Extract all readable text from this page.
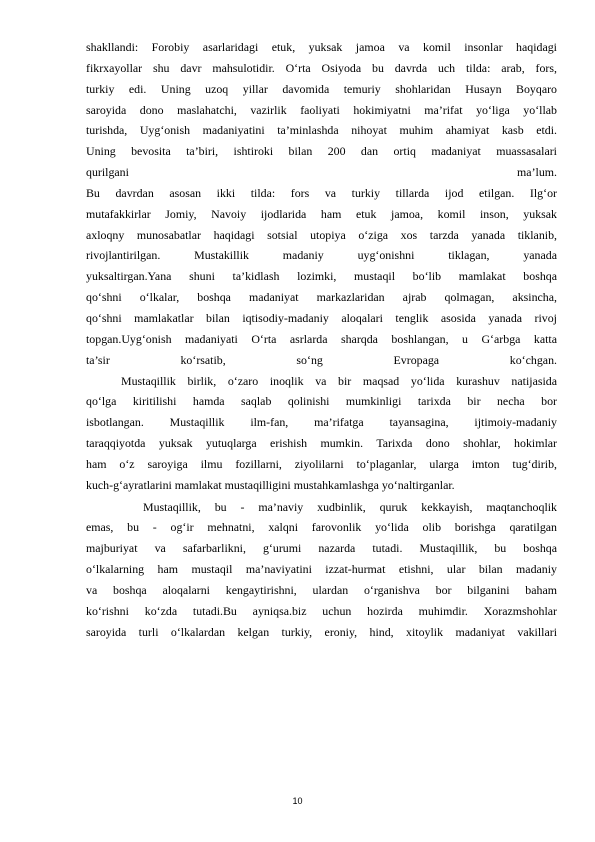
shakllandi: Forobiy asarlaridagi etuk, yuksak jamoa va komil insonlar haqidagi
fikrxayollar shu davr mahsulotidir. O‘rta Osiyoda bu davrda uch tilda: arab, fors,
turkiy edi. Uning uzoq yillar davomida temuriy shohlaridan Husayn Boyqaro
saroyida dono maslahatchi, vazirlik faoliyati hokimiyatni ma’rifat yo‘liga yo‘llab
turishda, Uyg‘onish madaniyatini ta’minlashda nihoyat muhim ahamiyat kasb etdi.
Uning bevosita ta’biri, ishtiroki bilan 200 dan ortiq madaniyat muassasalari
qurilgani ma’lum.
Bu davrdan asosan ikki tilda: fors va turkiy tillarda ijod etilgan. Ilg‘or
mutafakkirlar Jomiy, Navoiy ijodlarida ham etuk jamoa, komil inson, yuksak
axloqny munosabatlar haqidagi sotsial utopiya o‘ziga xos tarzda yanada tiklanib,
rivojlantirilgan. Mustakillik madaniy uyg‘onishni tiklagan, yanada
yuksaltirgan.Yana shuni ta’kidlash lozimki, mustaqil bo‘lib mamlakat boshqa
qo‘shni o‘lkalar, boshqa madaniyat markazlaridan ajrab qolmagan, aksincha,
qo‘shni mamlakatlar bilan iqtisodiy-madaniy aloqalari tenglik asosida yanada rivoj
topgan.Uyg‘onish madaniyati O‘rta asrlarda sharqda boshlangan, u G‘arbga katta
ta’sir ko‘rsatib, so‘ng Evropaga ko‘chgan.
Mustaqillik birlik, o‘zaro inoqlik va bir maqsad yo‘lida kurashuv natijasida
qo‘lga kiritilishi hamda saqlab qolinishi mumkinligi tarixda bir necha bor
isbotlangan. Mustaqillik ilm-fan, ma’rifatga tayansagina, ijtimoiy-madaniy
taraqqiyotda yuksak yutuqlarga erishish mumkin. Tarixda dono shohlar, hokimlar
ham o‘z saroyiga ilmu fozillarni, ziyolilarni to‘plaganlar, ularga imton tug‘dirib,
kuch-g‘ayratlarini mamlakat mustaqilligini mustahkamlashga yo‘naltirganlar.
Mustaqillik, bu - ma’naviy xudbinlik, quruk kekkayish, maqtanchoqlik
emas, bu - og‘ir mehnatni, xalqni farovonlik yo‘lida olib borishga qaratilgan
majburiyat va safarbarlikni, g‘urumi nazarda tutadi. Mustaqillik, bu boshqa
o‘lkalarning ham mustaqil ma’naviyatini izzat-hurmat etishni, ular bilan madaniy
va boshqa aloqalarni kengaytirishni, ulardan o‘rganishva bor bilganini baham
ko‘rishni ko‘zda tutadi.Bu ayniqsa.biz uchun hozirda muhimdir. Xorazmshohlar
saroyida turli o‘lkalardan kelgan turkiy, eroniy, hind, xitoylik madaniyat vakillari
10
